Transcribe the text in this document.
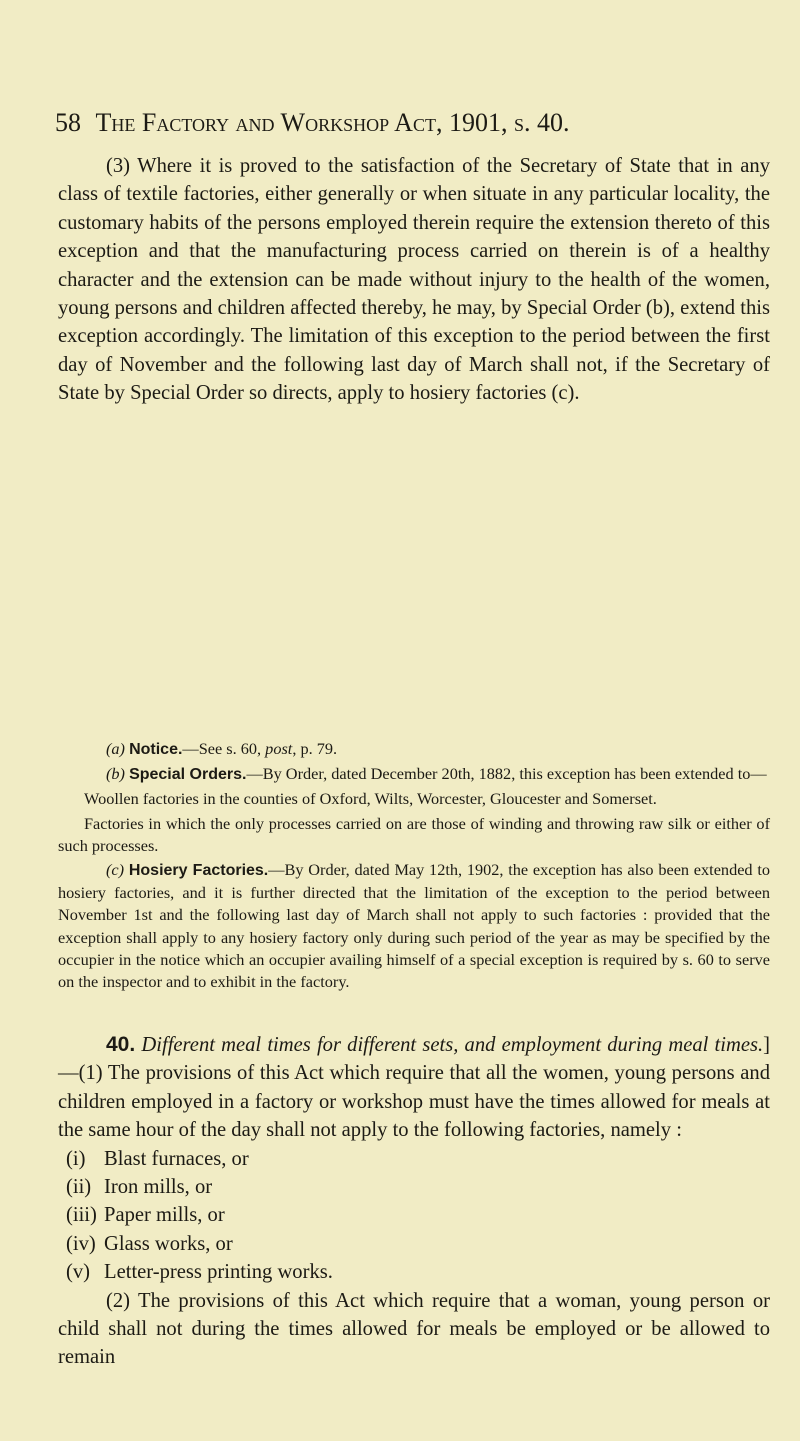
58 The Factory and Workshop Act, 1901, s. 40.

(3) Where it is proved to the satisfaction of the Secretary of State that in any class of textile factories, either generally or when situate in any particular locality, the customary habits of the persons employed therein require the extension thereto of this exception and that the manufacturing process carried on therein is of a healthy character and the extension can be made without injury to the health of the women, young persons and children affected thereby, he may, by Special Order (b), extend this exception accordingly. The limitation of this exception to the period between the first day of November and the following last day of March shall not, if the Secretary of State by Special Order so directs, apply to hosiery factories (c).

(a) Notice.—See s. 60, post, p. 79.

(b) Special Orders.—By Order, dated December 20th, 1882, this exception has been extended to—

Woollen factories in the counties of Oxford, Wilts, Worcester, Gloucester and Somerset.

Factories in which the only processes carried on are those of winding and throwing raw silk or either of such processes.

(c) Hosiery Factories.—By Order, dated May 12th, 1902, the exception has also been extended to hosiery factories, and it is further directed that the limitation of the exception to the period between November 1st and the following last day of March shall not apply to such factories : provided that the exception shall apply to any hosiery factory only during such period of the year as may be specified by the occupier in the notice which an occupier availing himself of a special exception is required by s. 60 to serve on the inspector and to exhibit in the factory.

40. Different meal times for different sets, and employment during meal times.]—(1) The provisions of this Act which require that all the women, young persons and children employed in a factory or workshop must have the times allowed for meals at the same hour of the day shall not apply to the following factories, namely :

(i) Blast furnaces, or

(ii) Iron mills, or

(iii) Paper mills, or

(iv) Glass works, or

(v) Letter-press printing works.

(2) The provisions of this Act which require that a woman, young person or child shall not during the times allowed for meals be employed or be allowed to remain
